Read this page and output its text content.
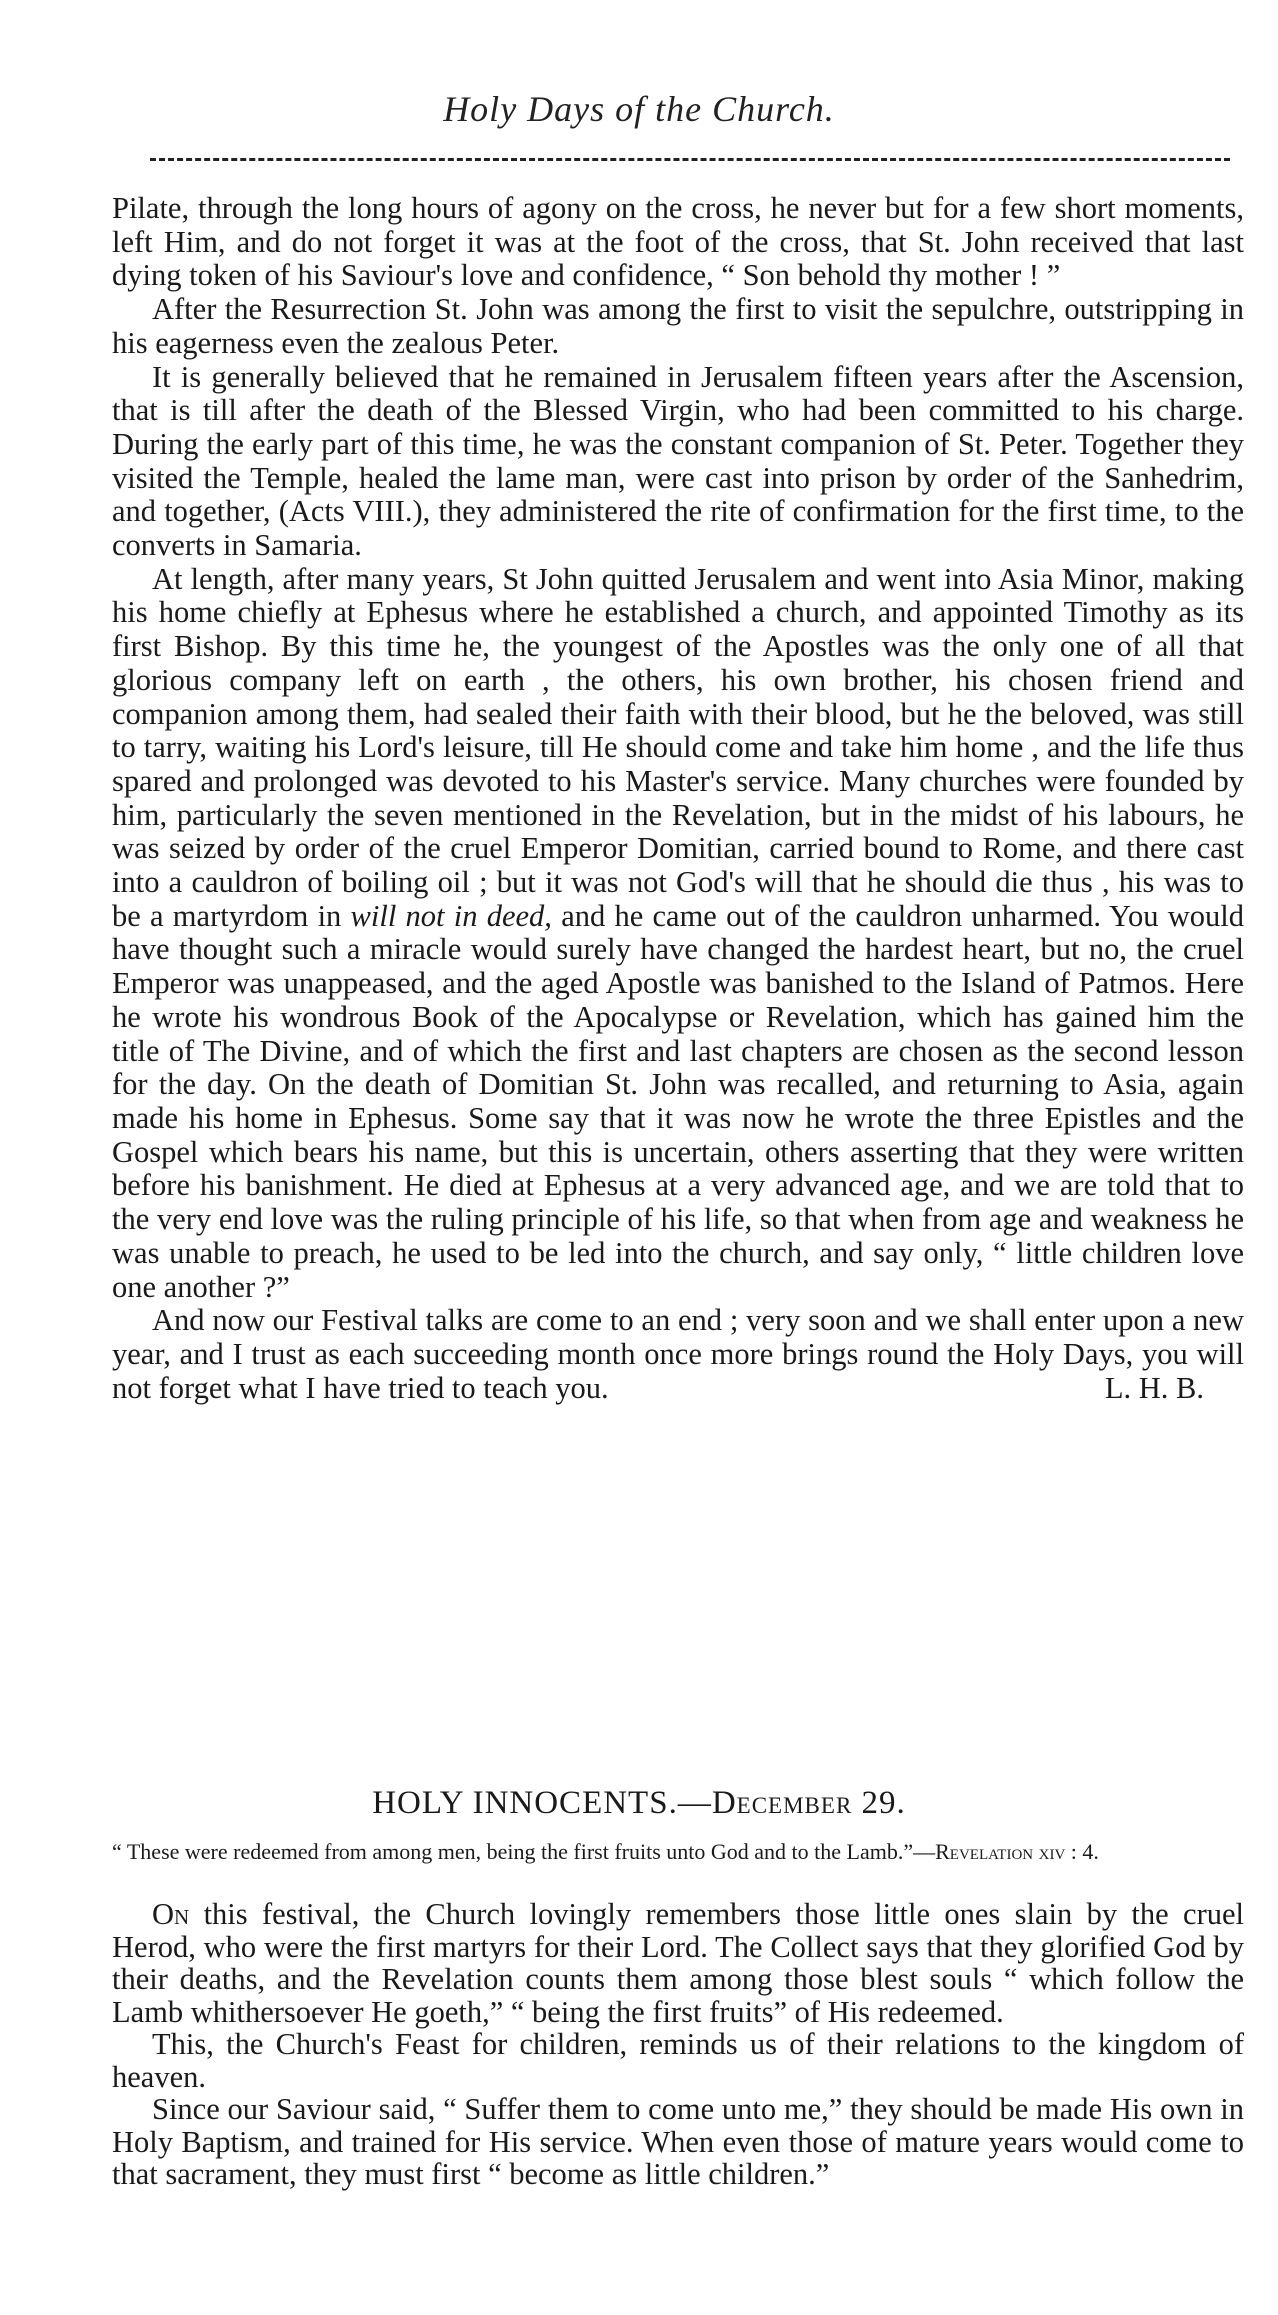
Holy Days of the Church.

Pilate, through the long hours of agony on the cross, he never but for a few short moments, left Him, and do not forget it was at the foot of the cross, that St. John received that last dying token of his Saviour's love and confidence, “ Son behold thy mother ! ”

After the Resurrection St. John was among the first to visit the sepulchre, outstripping in his eagerness even the zealous Peter.

It is generally believed that he remained in Jerusalem fifteen years after the Ascension, that is till after the death of the Blessed Virgin, who had been committed to his charge. During the early part of this time, he was the constant companion of St. Peter. Together they visited the Temple, healed the lame man, were cast into prison by order of the Sanhedrim, and together, (Acts VIII.), they administered the rite of confirmation for the first time, to the converts in Samaria.

At length, after many years, St John quitted Jerusalem and went into Asia Minor, making his home chiefly at Ephesus where he established a church, and appointed Timothy as its first Bishop. By this time he, the youngest of the Apostles was the only one of all that glorious company left on earth , the others, his own brother, his chosen friend and companion among them, had sealed their faith with their blood, but he the beloved, was still to tarry, waiting his Lord's leisure, till He should come and take him home , and the life thus spared and prolonged was devoted to his Master's service. Many churches were founded by him, particularly the seven mentioned in the Revelation, but in the midst of his labours, he was seized by order of the cruel Emperor Domitian, carried bound to Rome, and there cast into a cauldron of boiling oil ; but it was not God's will that he should die thus , his was to be a martyrdom in will not in deed, and he came out of the cauldron unharmed. You would have thought such a miracle would surely have changed the hardest heart, but no, the cruel Emperor was unappeased, and the aged Apostle was banished to the Island of Patmos. Here he wrote his wondrous Book of the Apocalypse or Revelation, which has gained him the title of The Divine, and of which the first and last chapters are chosen as the second lesson for the day. On the death of Domitian St. John was recalled, and returning to Asia, again made his home in Ephesus. Some say that it was now he wrote the three Epistles and the Gospel which bears his name, but this is uncertain, others asserting that they were written before his banishment. He died at Ephesus at a very advanced age, and we are told that to the very end love was the ruling principle of his life, so that when from age and weakness he was unable to preach, he used to be led into the church, and say only, “ little children love one another ?”

And now our Festival talks are come to an end ; very soon and we shall enter upon a new year, and I trust as each succeeding month once more brings round the Holy Days, you will not forget what I have tried to teach you.	L. H. B.

HOLY INNOCENTS.—December 29.
“ These were redeemed from among men, being the first fruits unto God and to the Lamb.”—Revelation xiv : 4.

On this festival, the Church lovingly remembers those little ones slain by the cruel Herod, who were the first martyrs for their Lord. The Collect says that they glorified God by their deaths, and the Revelation counts them among those blest souls “ which follow the Lamb whithersoever He goeth,” “ being the first fruits” of His redeemed.

This, the Church's Feast for children, reminds us of their relations to the kingdom of heaven.

Since our Saviour said, “ Suffer them to come unto me,” they should be made His own in Holy Baptism, and trained for His service. When even those of mature years would come to that sacrament, they must first “ become as little children.”
